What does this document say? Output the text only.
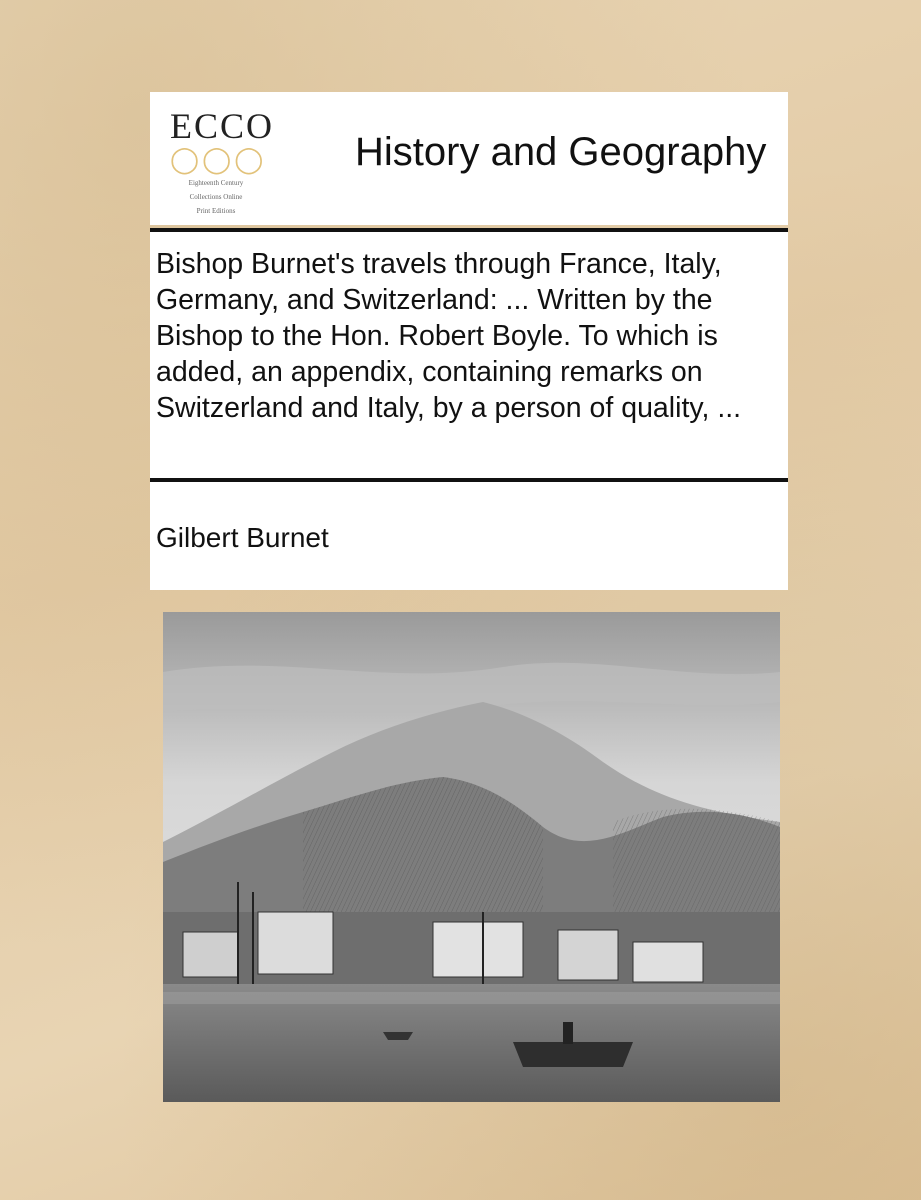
ECCO
◯◯◯
Eighteenth Century
Collections Online
Print Editions
History and Geography
Bishop Burnet's travels through France, Italy, Germany, and Switzerland: ... Written by the Bishop to the Hon. Robert Boyle. To which is added, an appendix, containing remarks on Switzerland and Italy, by a person of quality, ...
Gilbert Burnet
